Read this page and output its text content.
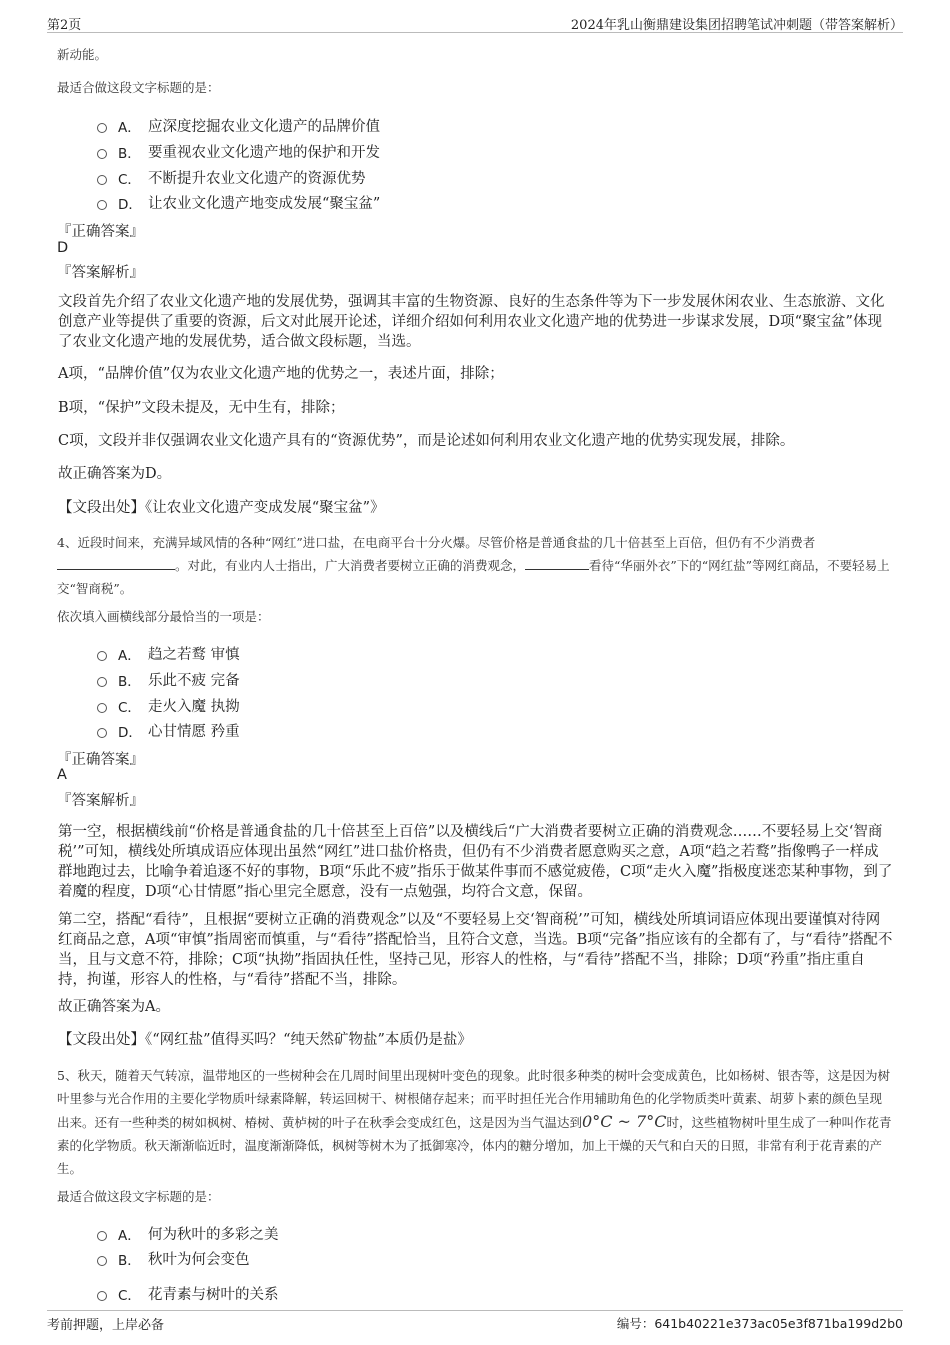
第2页	2024年乳山衡鼎建设集团招聘笔试冲刺题（带答案解析）
新动能。
最适合做这段文字标题的是：
A． 应深度挖掘农业文化遗产的品牌价值
B． 要重视农业文化遗产地的保护和开发
C． 不断提升农业文化遗产的资源优势
D． 让农业文化遗产地变成发展“聚宝盆”
『正确答案』
D
『答案解析』
文段首先介绍了农业文化遗产地的发展优势，强调其丰富的生物资源、良好的生态条件等为下一步发展休闲农业、生态旅游、文化创意产业等提供了重要的资源，后文对此展开论述，详细介绍如何利用农业文化遗产地的优势进一步谋求发展，D项“聚宝盆”体现了农业文化遗产地的发展优势，适合做文段标题，当选。
A项，“品牌价值”仅为农业文化遗产地的优势之一，表述片面，排除；
B项，“保护”文段未提及，无中生有，排除；
C项，文段并非仅强调农业文化遗产具有的“资源优势”，而是论述如何利用农业文化遗产地的优势实现发展，排除。
故正确答案为D。
【文段出处】《让农业文化遗产变成发展“聚宝盆”》
4、近段时间来，充满异域风情的各种“网红”进口盐，在电商平台十分火爆。尽管价格是普通食盐的几十倍甚至上百倍，但仍有不少消费者。对此，有业内人士指出，广大消费者要树立正确的消费观念，	看待“华丽外衣”下的“网红盐”等网红商品，不要轻易上交“智商税”。
依次填入画横线部分最恰当的一项是：
A． 趋之若鹜 审慎
B． 乐此不疲 完备
C． 走火入魔 执拗
D． 心甘情愿 矜重
『正确答案』
A
『答案解析』
第一空，根据横线前“价格是普通食盐的几十倍甚至上百倍”以及横线后“广大消费者要树立正确的消费观念……不要轻易上交‘智商税’”可知，横线处所填成语应体现出虽然“网红”进口盐价格贵，但仍有不少消费者愿意购买之意，A项“趋之若鹜”指像鸭子一样成群地跑过去，比喻争着追逐不好的事物，B项“乐此不疲”指乐于做某件事而不感觉疲倦，C项“走火入魔”指极度迷恋某种事物，到了着魔的程度，D项“心甘情愿”指心里完全愿意，没有一点勉强，均符合文意，保留。
第二空，搭配“看待”，且根据“要树立正确的消费观念”以及“不要轻易上交‘智商税’”可知，横线处所填词语应体现出要谨慎对待网红商品之意，A项“审慎”指周密而慎重，与“看待”搭配恰当，且符合文意，当选。B项“完备”指应该有的全都有了，与“看待”搭配不当，且与文意不符，排除；C项“执拗”指固执任性，坚持己见，形容人的性格，与“看待”搭配不当，排除；D项“矜重”指庄重自持，拘谨，形容人的性格，与“看待”搭配不当，排除。
故正确答案为A。
【文段出处】《“网红盐”值得买吗？“纯天然矿物盐”本质仍是盐》
5、秋天，随着天气转凉，温带地区的一些树种会在几周时间里出现树叶变色的现象。此时很多种类的树叶会变成黄色，比如杨树、银杏等，这是因为树叶里参与光合作用的主要化学物质叶绿素降解，转运回树干、树根储存起来；而平时担任光合作用辅助角色的化学物质类叶黄素、胡萝卜素的颜色呈现出来。还有一些种类的树如枫树、椿树、黄栌树的叶子在秋季会变成红色，这是因为当气温达到0°C ~ 7°C时，这些植物树叶里生成了一种叫作花青素的化学物质。秋天渐渐临近时，温度渐渐降低，枫树等树木为了抵御寒冷，体内的糖分增加，加上干燥的天气和白天的日照，非常有利于花青素的产生。
最适合做这段文字标题的是：
A． 何为秋叶的多彩之美
B． 秋叶为何会变色
C． 花青素与树叶的关系
考前押题，上岸必备	编号：641b40221e373ac05e3f871ba199d2b0
